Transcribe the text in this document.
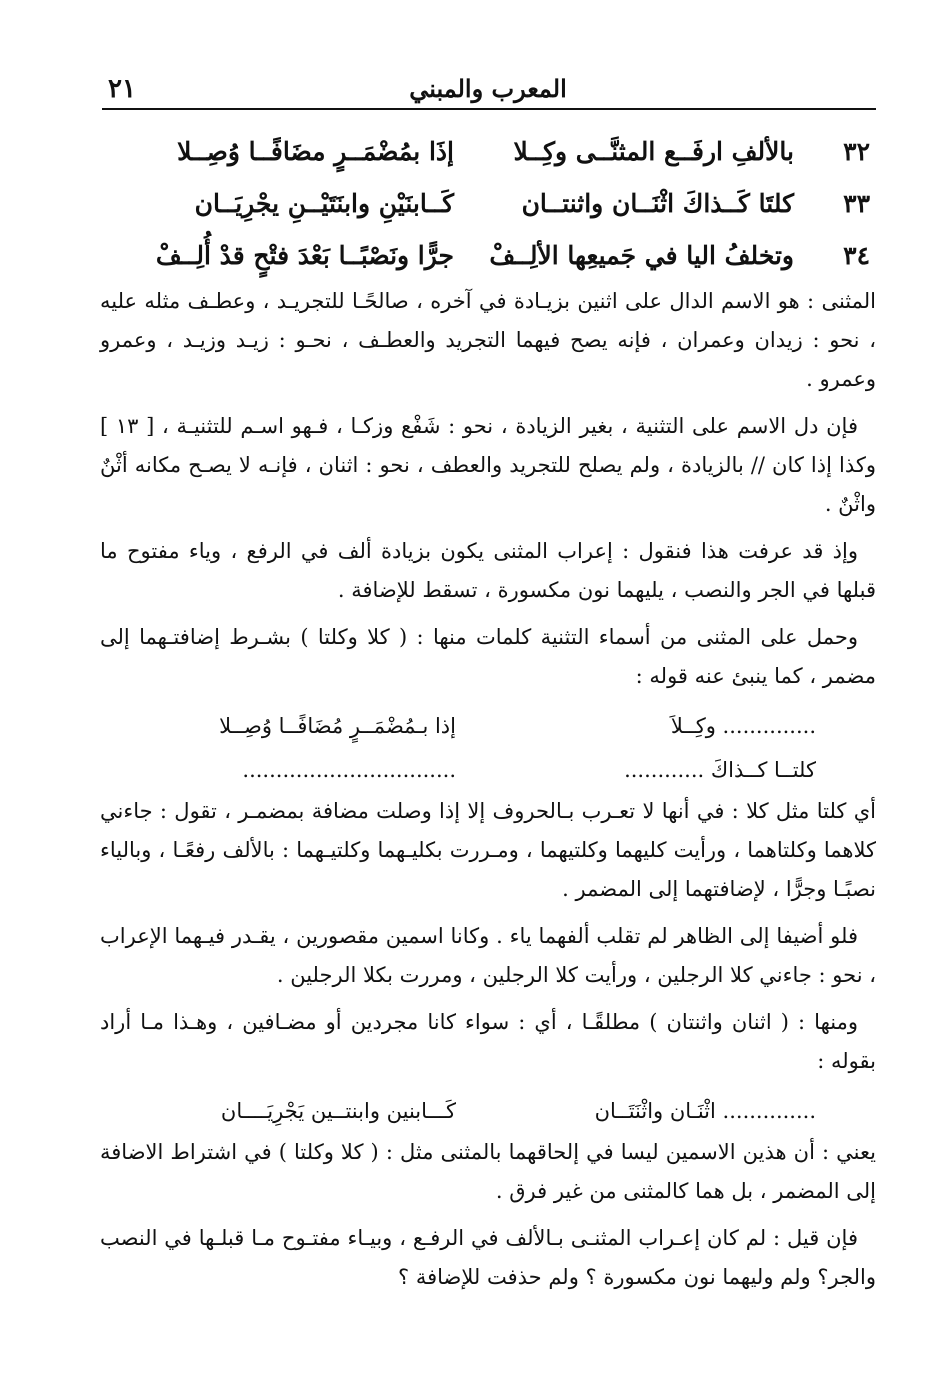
٢١	المعرب والمبني
٣٢
بالألفِ ارفَــع المثنَّــى وكِــلا
إذَا بمُضْمَــرٍ مضَافًــا وُصِــلا
٣٣
كلتَا كَــذاكَ اثْنَــان واثنتــان
كَــابنَيْنِ وابنَتَيْــنِ يجْرِيَــان
٣٤
وتخلفُ اليا في جَميعِها الألِــفْ
جرًّا ونَصْبًــا بَعْدَ فتْحٍ قدْ أُلِــفْ

المثنى : هو الاسم الدال على اثنين بزيـادة في آخره ، صالحًـا للتجريـد ، وعطـف مثله عليه ، نحو : زيدان وعمران ، فإنه يصح فيهما التجريد والعطـف ، نحـو : زيـد وزيـد ، وعمرو وعمرو .

فإن دل الاسم على التثنية ، بغير الزيادة ، نحو : شَفْع وزكـا ، فـهو اسـم للتثنيـة ، [ ١٣ ] وكذا إذا كان // بالزيادة ، ولم يصلح للتجريد والعطف ، نحو : اثنان ، فإنـه لا يصـح مكانه أثْنٌ واثْنٌ .

وإذ قد عرفت هذا فنقول : إعراب المثنى يكون بزيادة ألف في الرفع ، وياء مفتوح ما قبلها في الجر والنصب ، يليهما نون مكسورة ، تسقط للإضافة .

وحمل على المثنى من أسماء التثنية كلمات منها : ( كلا وكلتا ) بشـرط إضافتـهما إلى مضمر ، كما ينبئ عنه قوله :

.............. وكِــلاَ
إذا بـمُضْمَــرٍ مُضَافًــا وُصِــلا
كلتــا كــذاكَ ............
................................

أي كلتا مثل كلا : في أنها لا تعـرب بـالحروف إلا إذا وصلت مضافة بمضمـر ، تقول : جاءني كلاهما وكلتاهما ، ورأيت كليهما وكلتيهما ، ومـررت بكليـهما وكلتيـهما : بالألف رفعًـا ، وبالياء نصبًـا وجرًّا ، لإضافتهما إلى المضمر .

فلو أضيفا إلى الظاهر لم تقلب ألفهما ياء . وكانا اسمين مقصورين ، يقـدر فيـهما الإعراب ، نحو : جاءني كلا الرجلين ، ورأيت كلا الرجلين ، ومررت بكلا الرجلين .

ومنها : ( اثنان واثنتان ) مطلقًـا ، أي : سواء كانا مجردين أو مضـافين ، وهـذا مـا أراد بقوله :

.............. اثْنَـان واثْنَتَــان
كَـــابنين وابنتــين يَجْرِيَــــان

يعني : أن هذين الاسمين ليسا في إلحاقهما بالمثنى مثل : ( كلا وكلتا ) في اشتراط الاضافة إلى المضمر ، بل هما كالمثنى من غير فرق .

فإن قيل : لم كان إعـراب المثنـى بـالألف في الرفـع ، وبيـاء مفتـوح مـا قبلـها في النصب والجر؟ ولم وليهما نون مكسورة ؟ ولم حذفت للإضافة ؟
